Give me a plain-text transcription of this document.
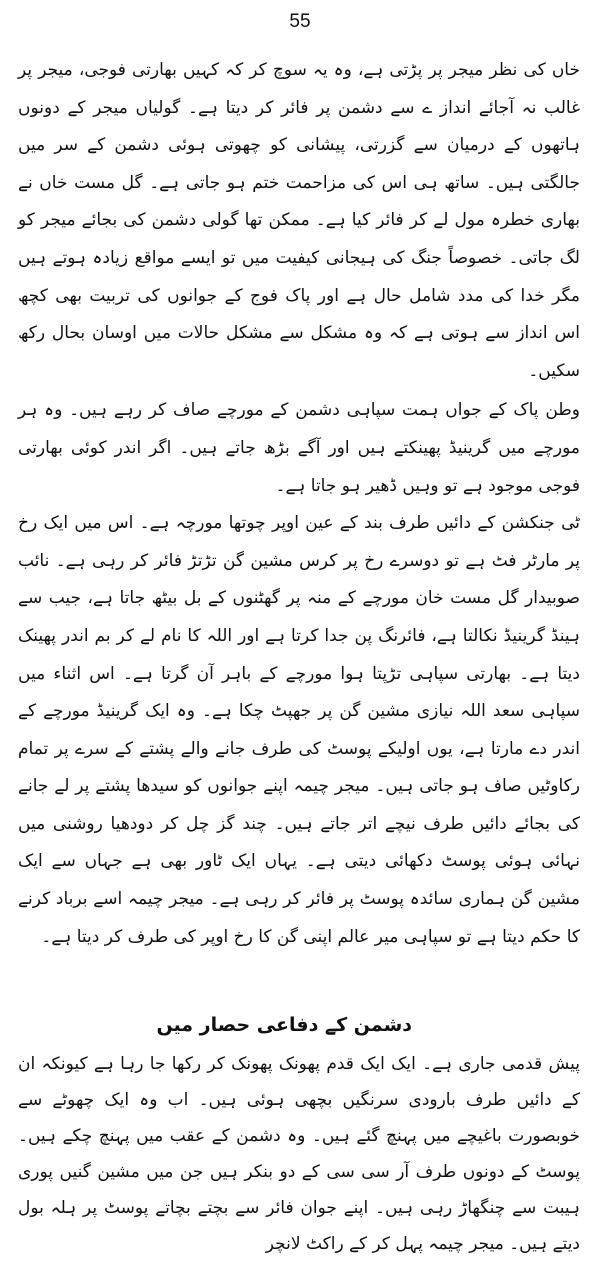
55

خاں کی نظر میجر پر پڑتی ہے، وہ یہ سوچ کر کہ کہیں بھارتی فوجی، میجر پر غالب نہ آجائے انداز ے سے دشمن پر فائر کر دیتا ہے۔ گولیاں میجر کے دونوں ہاتھوں کے درمیان سے گزرتی، پیشانی کو چھوتی ہوئی دشمن کے سر میں جالگتی ہیں۔ ساتھ ہی اس کی مزاحمت ختم ہو جاتی ہے۔ گل مست خاں نے بھاری خطرہ مول لے کر فائر کیا ہے۔ ممکن تھا گولی دشمن کی بجائے میجر کو لگ جاتی۔ خصوصاً جنگ کی ہیجانی کیفیت میں تو ایسے مواقع زیادہ ہوتے ہیں مگر خدا کی مدد شامل حال ہے اور پاک فوج کے جوانوں کی تربیت بھی کچھ اس انداز سے ہوتی ہے کہ وہ مشکل سے مشکل حالات میں اوسان بحال رکھ سکیں۔

وطن پاک کے جواں ہمت سپاہی دشمن کے مورچے صاف کر رہے ہیں۔ وہ ہر مورچے میں گرینیڈ پھینکتے ہیں اور آگے بڑھ جاتے ہیں۔ اگر اندر کوئی بھارتی فوجی موجود ہے تو وہیں ڈھیر ہو جاتا ہے۔

ٹی جنکشن کے دائیں طرف بند کے عین اوپر چوتھا مورچہ ہے۔ اس میں ایک رخ پر مارٹر فٹ ہے تو دوسرے رخ پر کرس مشین گن تڑتڑ فائر کر رہی ہے۔ نائب صوبیدار گل مست خان مورچے کے منہ پر گھٹنوں کے بل بیٹھ جاتا ہے، جیب سے ہینڈ گرینیڈ نکالتا ہے، فائرنگ پن جدا کرتا ہے اور اللہ کا نام لے کر بم اندر پھینک دیتا ہے۔ بھارتی سپاہی تڑپتا ہوا مورچے کے باہر آن گرتا ہے۔ اس اثناء میں سپاہی سعد اللہ نیازی مشین گن پر جھپٹ چکا ہے۔ وہ ایک گرینیڈ مورچے کے اندر دے مارتا ہے، یوں اولیکے پوسٹ کی طرف جانے والے پشتے کے سرے پر تمام رکاوٹیں صاف ہو جاتی ہیں۔ میجر چیمہ اپنے جوانوں کو سیدھا پشتے پر لے جانے کی بجائے دائیں طرف نیچے اتر جاتے ہیں۔ چند گز چل کر دودھیا روشنی میں نہائی ہوئی پوسٹ دکھائی دیتی ہے۔ یہاں ایک ٹاور بھی ہے جہاں سے ایک مشین گن ہماری سائدہ پوسٹ پر فائر کر رہی ہے۔ میجر چیمہ اسے برباد کرنے کا حکم دیتا ہے تو سپاہی میر عالم اپنی گن کا رخ اوپر کی طرف کر دیتا ہے۔

دشمن کے دفاعی حصار میں

پیش قدمی جاری ہے۔ ایک ایک قدم پھونک پھونک کر رکھا جا رہا ہے کیونکہ ان کے دائیں طرف بارودی سرنگیں بچھی ہوئی ہیں۔ اب وہ ایک چھوٹے سے خوبصورت باغیچے میں پہنچ گئے ہیں۔ وہ دشمن کے عقب میں پہنچ چکے ہیں۔ پوسٹ کے دونوں طرف آر سی سی کے دو بنکر ہیں جن میں مشین گنیں پوری ہیبت سے چنگھاڑ رہی ہیں۔ اپنے جوان فائر سے بچتے بچاتے پوسٹ پر ہلہ بول دیتے ہیں۔ میجر چیمہ پہل کر کے راکٹ لانچر
